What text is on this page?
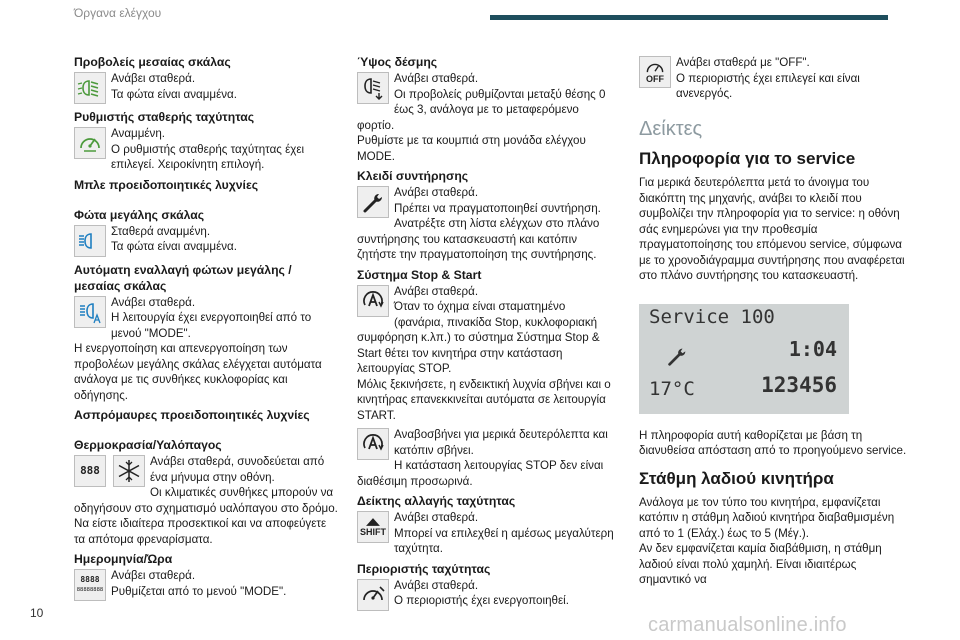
Όργανα ελέγχου
Προβολείς μεσαίας σκάλας
Ανάβει σταθερά.
Τα φώτα είναι αναμμένα.
Ρυθμιστής σταθερής ταχύτητας
Αναμμένη.
Ο ρυθμιστής σταθερής ταχύτητας έχει επιλεγεί. Χειροκίνητη επιλογή.
Μπλε προειδοποιητικές λυχνίες
Φώτα μεγάλης σκάλας
Σταθερά αναμμένη.
Τα φώτα είναι αναμμένα.
Αυτόματη εναλλαγή φώτων μεγάλης / μεσαίας σκάλας
Ανάβει σταθερά.
Η λειτουργία έχει ενεργοποιηθεί από το μενού "MODE".
Η ενεργοποίηση και απενεργοποίηση των προβολέων μεγάλης σκάλας ελέγχεται αυτόματα ανάλογα με τις συνθήκες κυκλοφορίας και οδήγησης.
Ασπρόμαυρες προειδοποιητικές λυχνίες
Θερμοκρασία/Υαλόπαγος
888
Ανάβει σταθερά, συνοδεύεται από ένα μήνυμα στην οθόνη.
Οι κλιματικές συνθήκες μπορούν να οδηγήσουν στο σχηματισμό υαλόπαγου στο δρόμο.
Να είστε ιδιαίτερα προσεκτικοί και να αποφεύγετε τα απότομα φρεναρίσματα.
Ημερομηνία/Ώρα
8888
88888888
Ανάβει σταθερά.
Ρυθμίζεται από το μενού "MODE".
Ύψος δέσμης
Ανάβει σταθερά.
Οι προβολείς ρυθμίζονται μεταξύ θέσης 0 έως 3, ανάλογα με το μεταφερόμενο φορτίο.
Ρυθμίστε με τα κουμπιά στη μονάδα ελέγχου MODE.
Κλειδί συντήρησης
Ανάβει σταθερά.
Πρέπει να πραγματοποιηθεί συντήρηση. Ανατρέξτε στη λίστα ελέγχων στο πλάνο συντήρησης του κατασκευαστή και κατόπιν ζητήστε την πραγματοποίηση της συντήρησης.
Σύστημα Stop & Start
Ανάβει σταθερά.
Όταν το όχημα είναι σταματημένο (φανάρια, πινακίδα Stop, κυκλοφοριακή συμφόρηση κ.λπ.) το σύστημα Σύστημα Stop & Start θέτει τον κινητήρα στην κατάσταση λειτουργίας STOP.
Μόλις ξεκινήσετε, η ενδεικτική λυχνία σβήνει και ο κινητήρας επανεκκινείται αυτόματα σε λειτουργία START.
Αναβοσβήνει για μερικά δευτερόλεπτα και κατόπιν σβήνει.
Η κατάσταση λειτουργίας STOP δεν είναι διαθέσιμη προσωρινά.
Δείκτης αλλαγής ταχύτητας
SHIFT
Ανάβει σταθερά.
Μπορεί να επιλεχθεί η αμέσως μεγαλύτερη ταχύτητα.
Περιοριστής ταχύτητας
Ανάβει σταθερά.
Ο περιοριστής έχει ενεργοποιηθεί.
OFF
Ανάβει σταθερά με "OFF".
Ο περιοριστής έχει επιλεγεί και είναι ανενεργός.
Δείκτες
Πληροφορία για το service
Για μερικά δευτερόλεπτα μετά το άνοιγμα του διακόπτη της μηχανής, ανάβει το κλειδί που συμβολίζει την πληροφορία για το service: η οθόνη σάς ενημερώνει για την προθεσμία πραγματοποίησης του επόμενου service, σύμφωνα με το χρονοδιάγραμμα συντήρησης που αναφέρεται στο πλάνο συντήρησης του κατασκευαστή.
Service 100
1:04
17°C	123456
Η πληροφορία αυτή καθορίζεται με βάση τη διανυθείσα απόσταση από το προηγούμενο service.
Στάθμη λαδιού κινητήρα
Ανάλογα με τον τύπο του κινητήρα, εμφανίζεται κατόπιν η στάθμη λαδιού κινητήρα διαβαθμισμένη από το 1 (Ελάχ.) έως το 5 (Μέγ.).
Αν δεν εμφανίζεται καμία διαβάθμιση, η στάθμη λαδιού είναι πολύ χαμηλή. Είναι ιδιαιτέρως σημαντικό να
10
carmanualsonline.info
